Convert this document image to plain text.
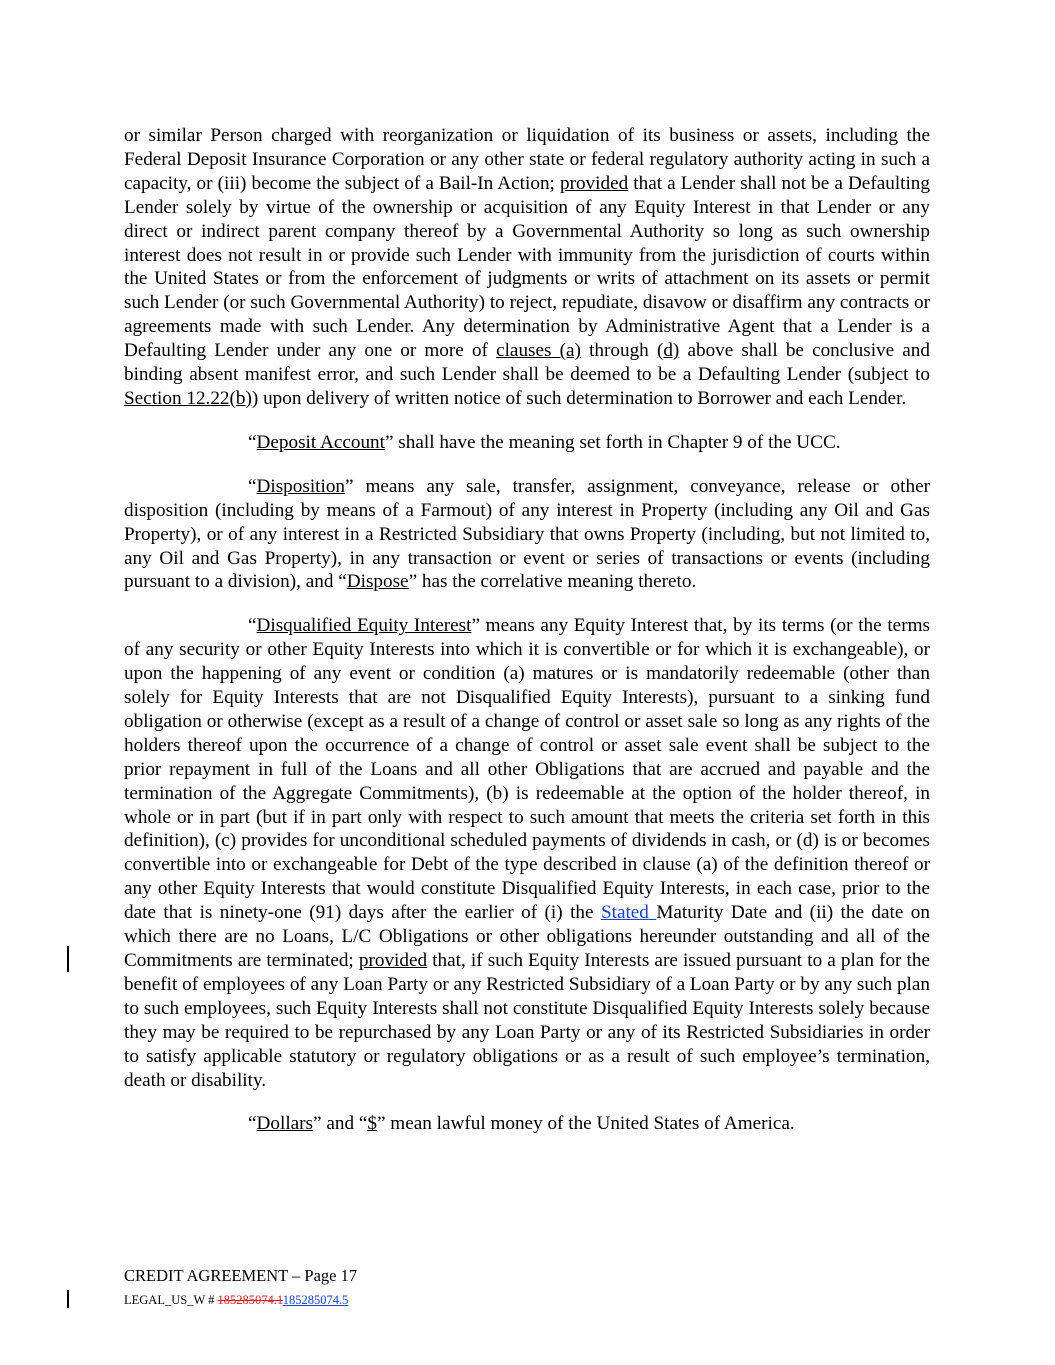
or similar Person charged with reorganization or liquidation of its business or assets, including the Federal Deposit Insurance Corporation or any other state or federal regulatory authority acting in such a capacity, or (iii) become the subject of a Bail-In Action; provided that a Lender shall not be a Defaulting Lender solely by virtue of the ownership or acquisition of any Equity Interest in that Lender or any direct or indirect parent company thereof by a Governmental Authority so long as such ownership interest does not result in or provide such Lender with immunity from the jurisdiction of courts within the United States or from the enforcement of judgments or writs of attachment on its assets or permit such Lender (or such Governmental Authority) to reject, repudiate, disavow or disaffirm any contracts or agreements made with such Lender. Any determination by Administrative Agent that a Lender is a Defaulting Lender under any one or more of clauses (a) through (d) above shall be conclusive and binding absent manifest error, and such Lender shall be deemed to be a Defaulting Lender (subject to Section 12.22(b)) upon delivery of written notice of such determination to Borrower and each Lender.

“Deposit Account” shall have the meaning set forth in Chapter 9 of the UCC.

“Disposition” means any sale, transfer, assignment, conveyance, release or other disposition (including by means of a Farmout) of any interest in Property (including any Oil and Gas Property), or of any interest in a Restricted Subsidiary that owns Property (including, but not limited to, any Oil and Gas Property), in any transaction or event or series of transactions or events (including pursuant to a division), and “Dispose” has the correlative meaning thereto.

“Disqualified Equity Interest” means any Equity Interest that, by its terms (or the terms of any security or other Equity Interests into which it is convertible or for which it is exchangeable), or upon the happening of any event or condition (a) matures or is mandatorily redeemable (other than solely for Equity Interests that are not Disqualified Equity Interests), pursuant to a sinking fund obligation or otherwise (except as a result of a change of control or asset sale so long as any rights of the holders thereof upon the occurrence of a change of control or asset sale event shall be subject to the prior repayment in full of the Loans and all other Obligations that are accrued and payable and the termination of the Aggregate Commitments), (b) is redeemable at the option of the holder thereof, in whole or in part (but if in part only with respect to such amount that meets the criteria set forth in this definition), (c) provides for unconditional scheduled payments of dividends in cash, or (d) is or becomes convertible into or exchangeable for Debt of the type described in clause (a) of the definition thereof or any other Equity Interests that would constitute Disqualified Equity Interests, in each case, prior to the date that is ninety-one (91) days after the earlier of (i) the Stated Maturity Date and (ii) the date on which there are no Loans, L/C Obligations or other obligations hereunder outstanding and all of the Commitments are terminated; provided that, if such Equity Interests are issued pursuant to a plan for the benefit of employees of any Loan Party or any Restricted Subsidiary of a Loan Party or by any such plan to such employees, such Equity Interests shall not constitute Disqualified Equity Interests solely because they may be required to be repurchased by any Loan Party or any of its Restricted Subsidiaries in order to satisfy applicable statutory or regulatory obligations or as a result of such employee’s termination, death or disability.

“Dollars” and “$” mean lawful money of the United States of America.

CREDIT AGREEMENT – Page 17
LEGAL_US_W # 185285074.1185285074.5
